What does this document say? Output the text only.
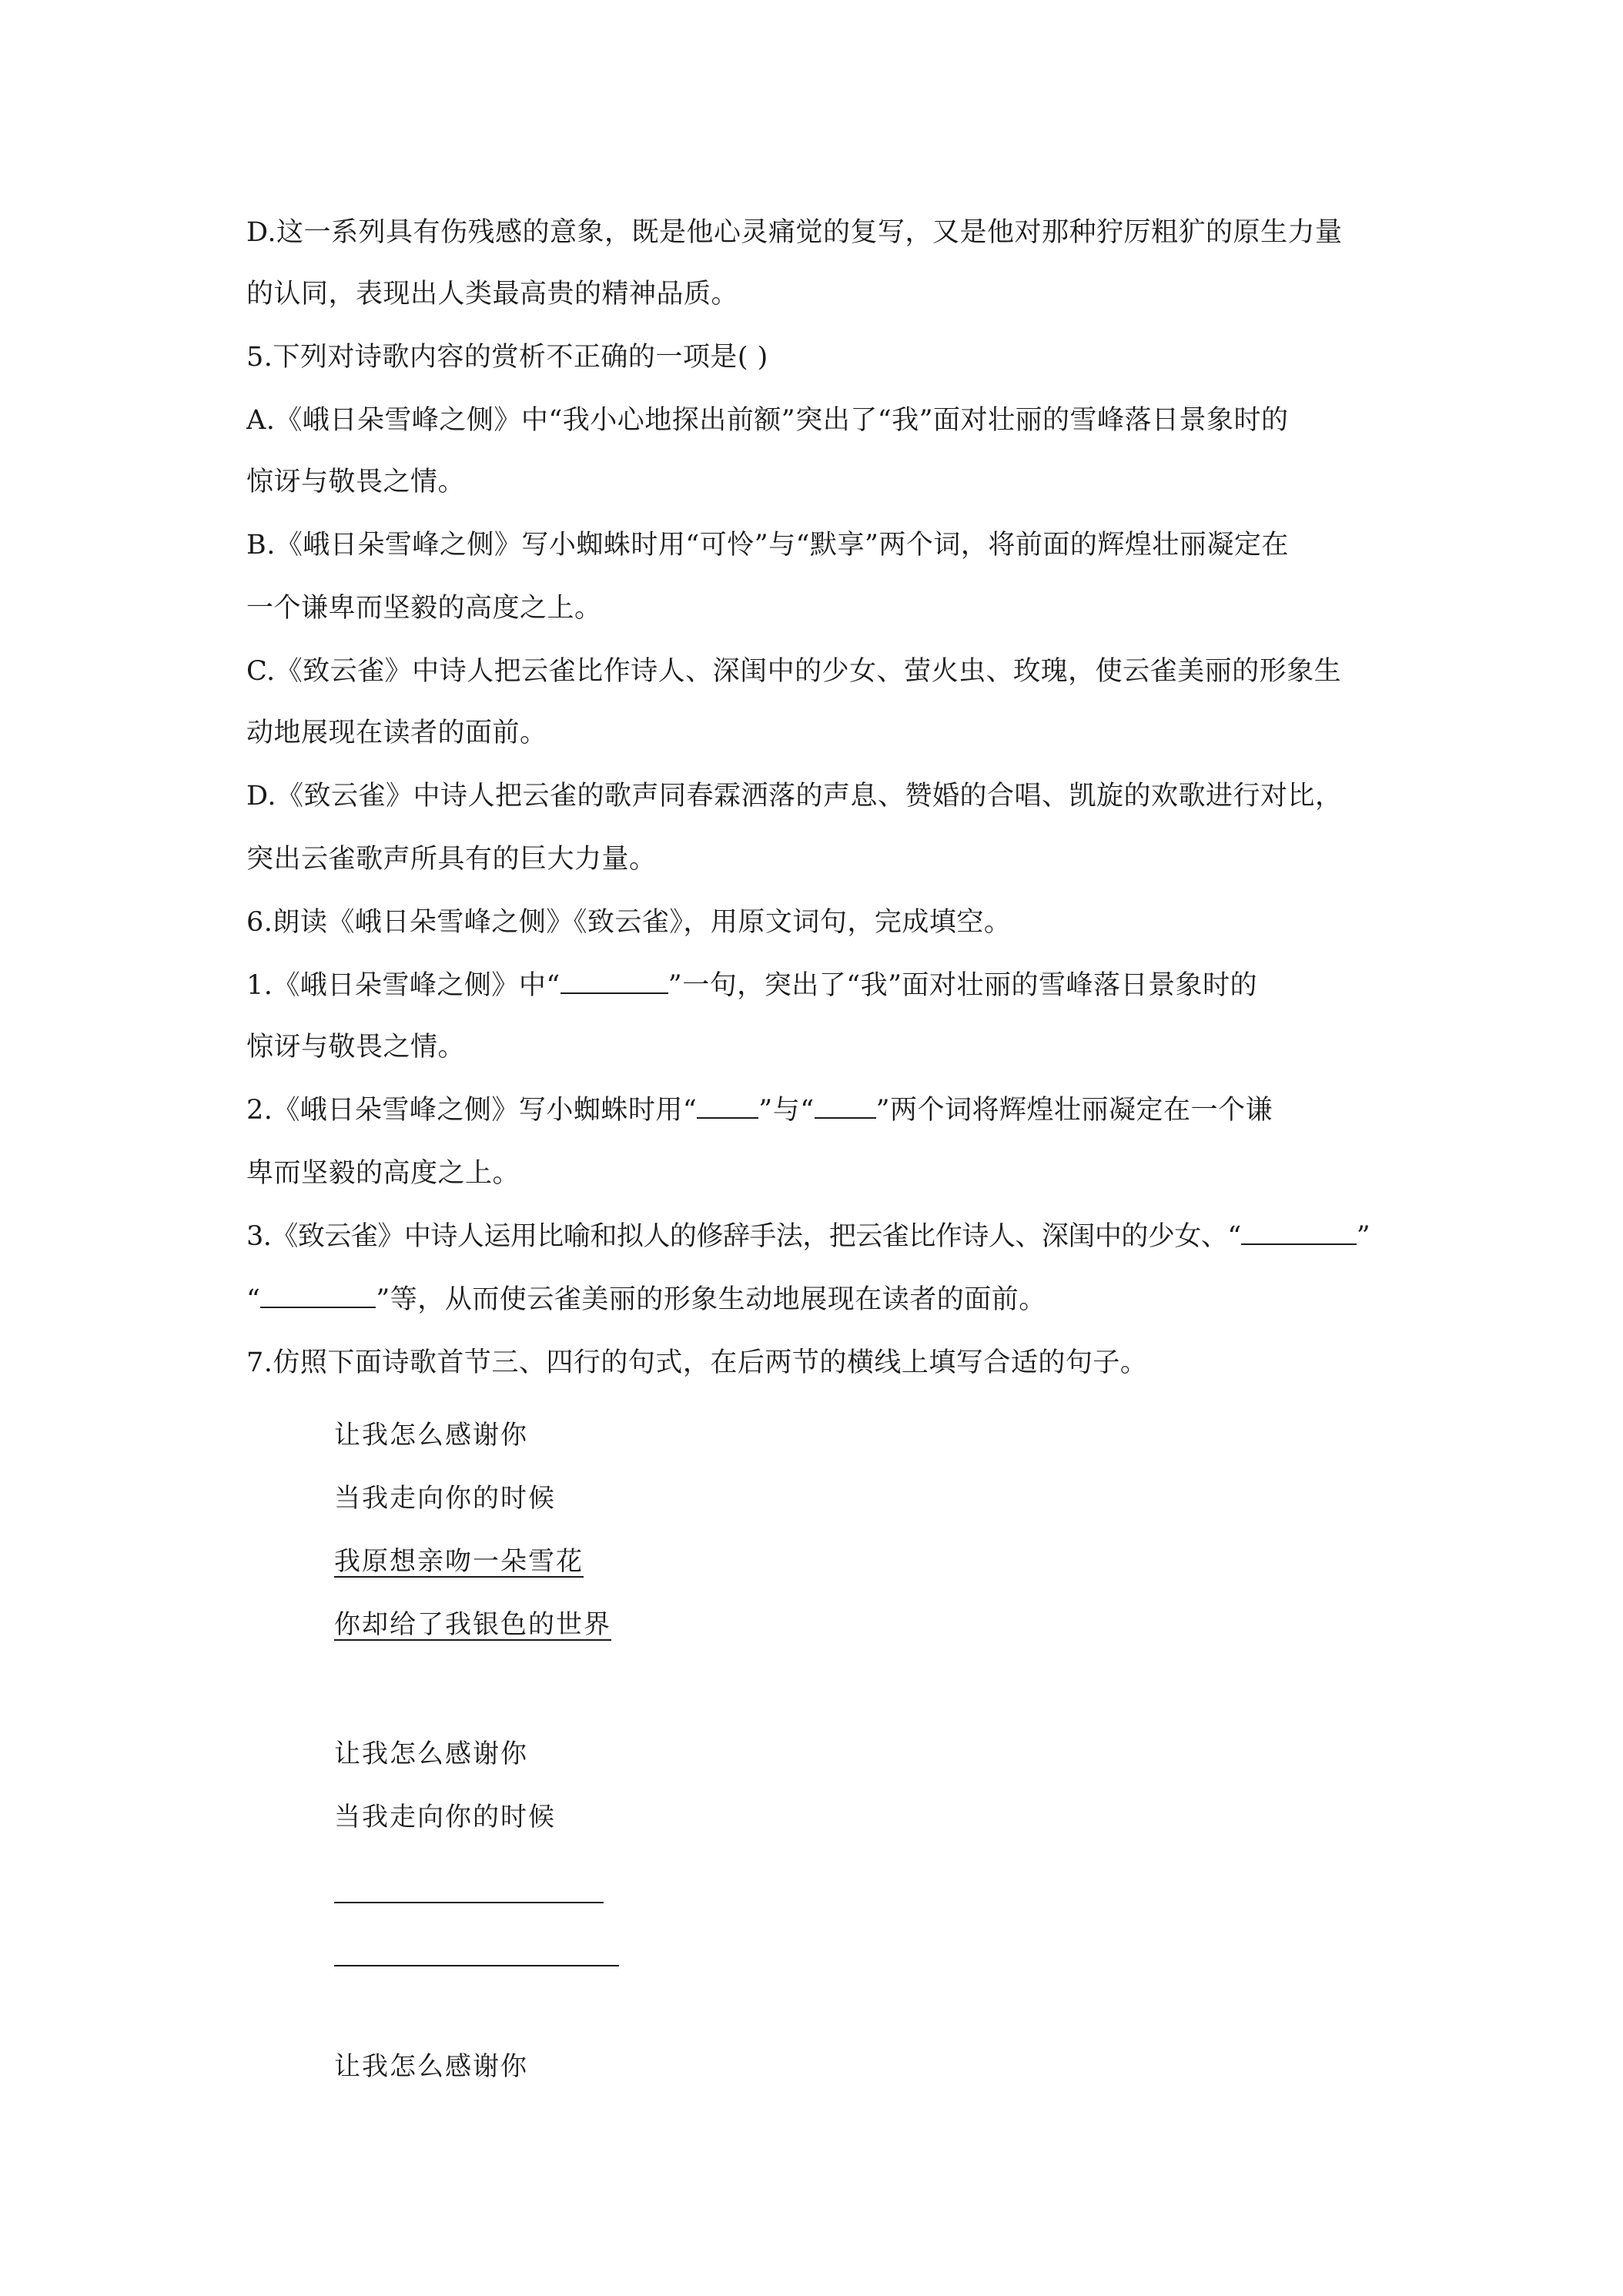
D.这一系列具有伤残感的意象，既是他心灵痛觉的复写，又是他对那种狞厉粗犷的原生力量
的认同，表现出人类最高贵的精神品质。
5.下列对诗歌内容的赏析不正确的一项是( )
A.《峨日朵雪峰之侧》中“我小心地探出前额”突出了“我”面对壮丽的雪峰落日景象时的
惊讶与敬畏之情。
B.《峨日朵雪峰之侧》写小蜘蛛时用“可怜”与“默享”两个词，将前面的辉煌壮丽凝定在
一个谦卑而坚毅的高度之上。
C.《致云雀》中诗人把云雀比作诗人、深闺中的少女、萤火虫、玫瑰，使云雀美丽的形象生
动地展现在读者的面前。
D.《致云雀》中诗人把云雀的歌声同春霖洒落的声息、赞婚的合唱、凯旋的欢歌进行对比，
突出云雀歌声所具有的巨大力量。
6.朗读《峨日朵雪峰之侧》《致云雀》，用原文词句，完成填空。
1.《峨日朵雪峰之侧》中“	”一句，突出了“我”面对壮丽的雪峰落日景象时的
惊讶与敬畏之情。
2.《峨日朵雪峰之侧》写小蜘蛛时用“ ”与“ ”两个词将辉煌壮丽凝定在一个谦
卑而坚毅的高度之上。
3.《致云雀》中诗人运用比喻和拟人的修辞手法，把云雀比作诗人、深闺中的少女、“	”
“	”等，从而使云雀美丽的形象生动地展现在读者的面前。
7.仿照下面诗歌首节三、四行的句式，在后两节的横线上填写合适的句子。
让我怎么感谢你
当我走向你的时候
我原想亲吻一朵雪花
你却给了我银色的世界
让我怎么感谢你
当我走向你的时候
让我怎么感谢你
